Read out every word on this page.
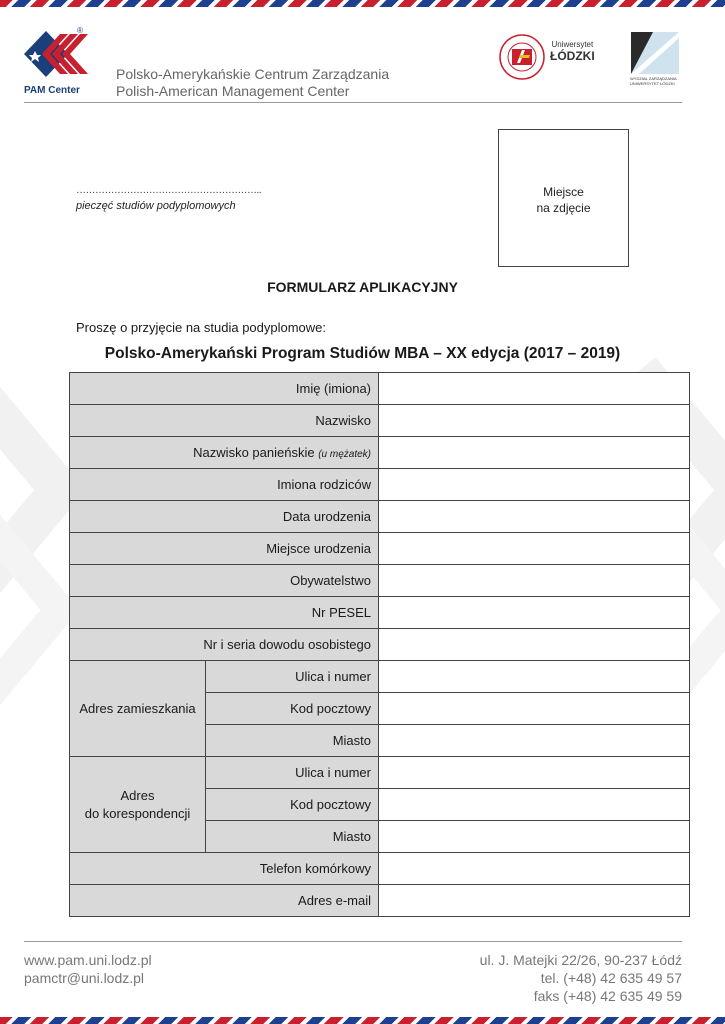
®
PAM Center
Polsko-Amerykańskie Centrum Zarządzania
Polish-American Management Center
Uniwersytet
ŁÓDZKI
WYDZIAŁ ZARZĄDZANIA UNIWERSYTET ŁÓDZKI
…………………………………………………..
pieczęć studiów podyplomowych
Miejsce
na zdjęcie
FORMULARZ APLIKACYJNY
Proszę o przyjęcie na studia podyplomowe:
Polsko-Amerykański Program Studiów MBA – XX edycja (2017 – 2019)
Imię (imiona)		
Nazwisko		
Nazwisko panieńskie (u mężatek)		
Imiona rodziców		
Data urodzenia		
Miejsce urodzenia		
Obywatelstwo		
Nr PESEL		
Nr i seria dowodu osobistego		
Adres zamieszkania	Ulica i numer	
	Kod pocztowy	
	Miasto	

Adres
do korespondencji	Ulica i numer	
	Kod pocztowy	
	Miasto	
Telefon komórkowy		
Adres e-mail		
www.pam.uni.lodz.pl
pamctr@uni.lodz.pl
ul. J. Matejki 22/26, 90-237 Łódź
tel. (+48) 42 635 49 57
faks (+48) 42 635 49 59
